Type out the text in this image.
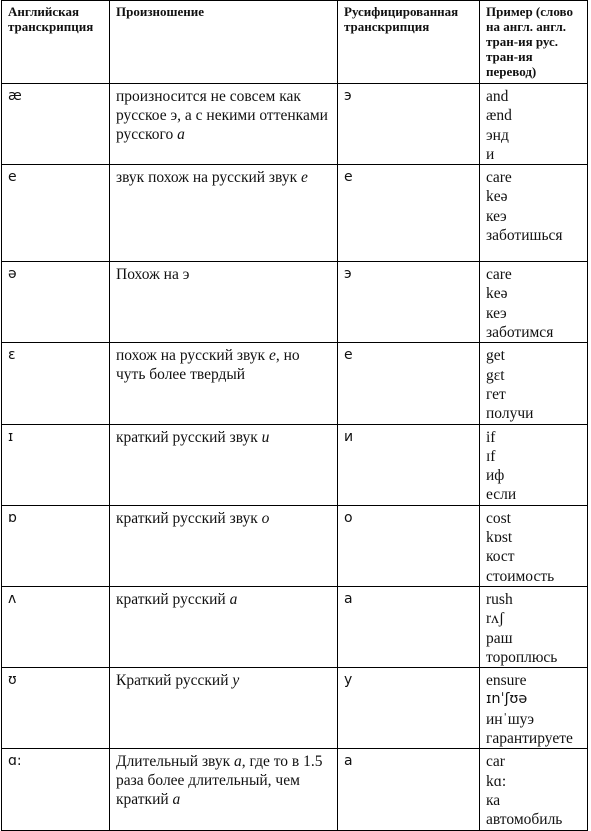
Английская транскрипция	Произношение	Русифицированная транскрипция	Пример (слово на англ. англ. тран-ия рус. тран-ия перевод)
æ	произносится не совсем как русское э, а с некими оттенками русского а	э	and
ænd
энд
и

e	звук похож на русский звук е	е	care
keə
кеэ
заботишься

ə	Похож на э	э	care
keə
кеэ
заботимся

ɛ	похож на русский звук е, но чуть более твердый	е	get
gɛt
гет
получи

ɪ	краткий русский звук и	и	if
ɪf
иф
если

ɒ	краткий русский звук о	о	cost
kɒst
кост
стоимость

ʌ	краткий русский а	а	rush
rʌʃ
раш
тороплюсь

ʊ	Краткий русский у	у	ensure
ɪnˈʃʊə
инˈшуэ
гарантируете

ɑ:	Длительный звук а, где то в 1.5 раза более длительный, чем краткий а	а	car
kɑ:
ка
автомобиль
